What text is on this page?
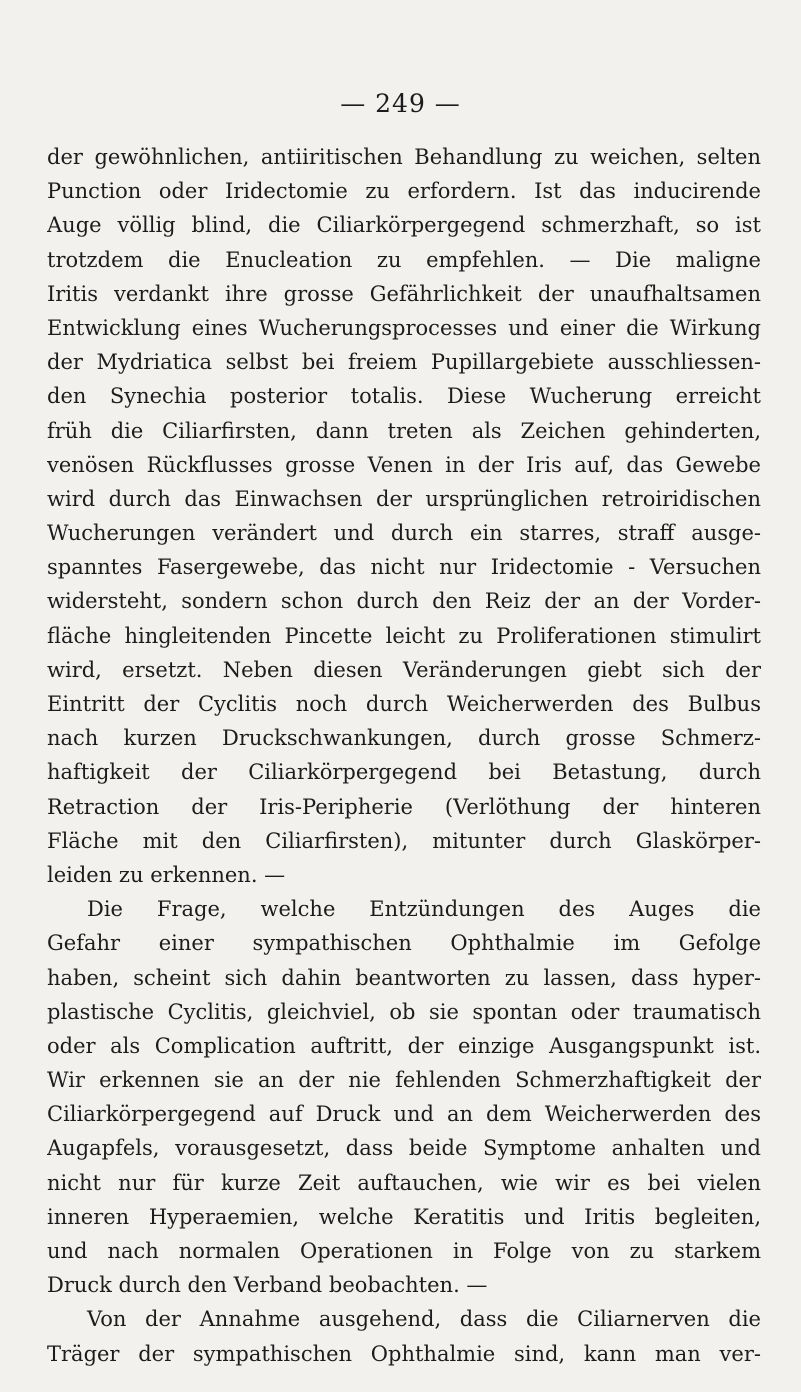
— 249 —
der gewöhnlichen, antiiritischen Behandlung zu weichen, selten
Punction oder Iridectomie zu erfordern. Ist das inducirende
Auge völlig blind, die Ciliarkörpergegend schmerzhaft, so ist
trotzdem die Enucleation zu empfehlen. — Die maligne
Iritis verdankt ihre grosse Gefährlichkeit der unaufhaltsamen
Entwicklung eines Wucherungsprocesses und einer die Wirkung
der Mydriatica selbst bei freiem Pupillargebiete ausschliessen-
den Synechia posterior totalis. Diese Wucherung erreicht
früh die Ciliarfirsten, dann treten als Zeichen gehinderten,
venösen Rückflusses grosse Venen in der Iris auf, das Gewebe
wird durch das Einwachsen der ursprünglichen retroiridischen
Wucherungen verändert und durch ein starres, straff ausge-
spanntes Fasergewebe, das nicht nur Iridectomie - Versuchen
widersteht, sondern schon durch den Reiz der an der Vorder-
fläche hingleitenden Pincette leicht zu Proliferationen stimulirt
wird, ersetzt. Neben diesen Veränderungen giebt sich der
Eintritt der Cyclitis noch durch Weicherwerden des Bulbus
nach kurzen Druckschwankungen, durch grosse Schmerz-
haftigkeit der Ciliarkörpergegend bei Betastung, durch
Retraction der Iris-Peripherie (Verlöthung der hinteren
Fläche mit den Ciliarfirsten), mitunter durch Glaskörper-
leiden zu erkennen. —
Die Frage, welche Entzündungen des Auges die
Gefahr einer sympathischen Ophthalmie im Gefolge
haben, scheint sich dahin beantworten zu lassen, dass hyper-
plastische Cyclitis, gleichviel, ob sie spontan oder traumatisch
oder als Complication auftritt, der einzige Ausgangspunkt ist.
Wir erkennen sie an der nie fehlenden Schmerzhaftigkeit der
Ciliarkörpergegend auf Druck und an dem Weicherwerden des
Augapfels, vorausgesetzt, dass beide Symptome anhalten und
nicht nur für kurze Zeit auftauchen, wie wir es bei vielen
inneren Hyperaemien, welche Keratitis und Iritis begleiten,
und nach normalen Operationen in Folge von zu starkem
Druck durch den Verband beobachten. —
Von der Annahme ausgehend, dass die Ciliarnerven die
Träger der sympathischen Ophthalmie sind, kann man ver-
